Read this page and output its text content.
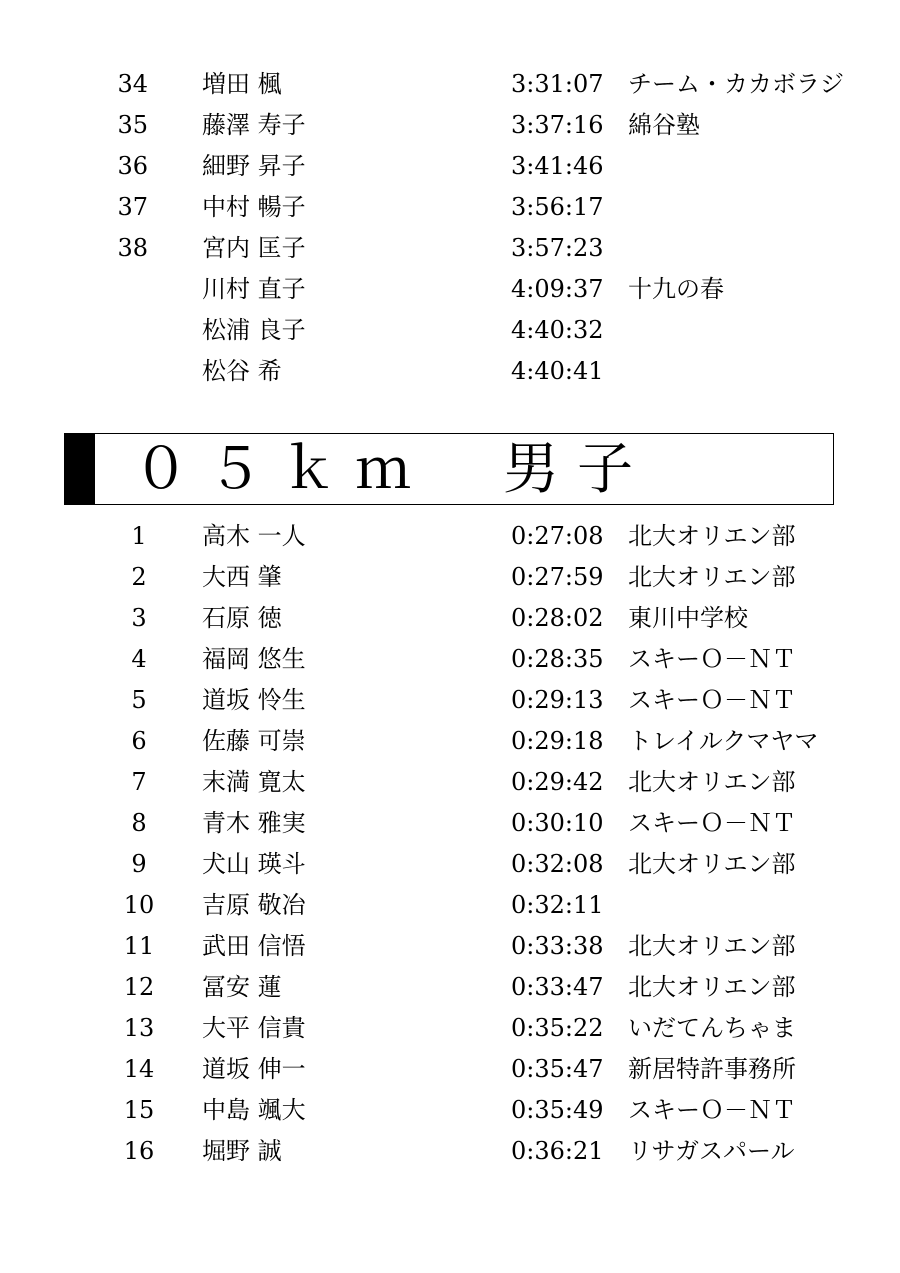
34 増田 楓	3:31:07 チーム・カカボラジ
35 藤澤 寿子	3:37:16 綿谷塾
36 細野 昇子	3:41:46
37 中村 暢子	3:56:17
38 宮内 匡子	3:57:23
川村 直子	4:09:37 十九の春
松浦 良子	4:40:32
松谷 希	4:40:41
０５ｋｍ　男子
1	高木 一人	0:27:08 北大オリエン部
2	大西 肇	0:27:59 北大オリエン部
3	石原 徳	0:28:02 東川中学校
4	福岡 悠生	0:28:35 スキーＯ－ＮＴ
5	道坂 怜生	0:29:13 スキーＯ－ＮＴ
6	佐藤 可崇	0:29:18 トレイルクマヤマ
7	末満 寛太	0:29:42 北大オリエン部
8	青木 雅実	0:30:10 スキーＯ－ＮＴ
9	犬山 瑛斗	0:32:08 北大オリエン部
10	吉原 敬冶	0:32:11
11	武田 信悟	0:33:38 北大オリエン部
12	冨安 蓮	0:33:47 北大オリエン部
13	大平 信貴	0:35:22 いだてんちゃま
14	道坂 伸一	0:35:47 新居特許事務所
15	中島 颯大	0:35:49 スキーＯ－ＮＴ
16	堀野 誠	0:36:21 リサガスパール
